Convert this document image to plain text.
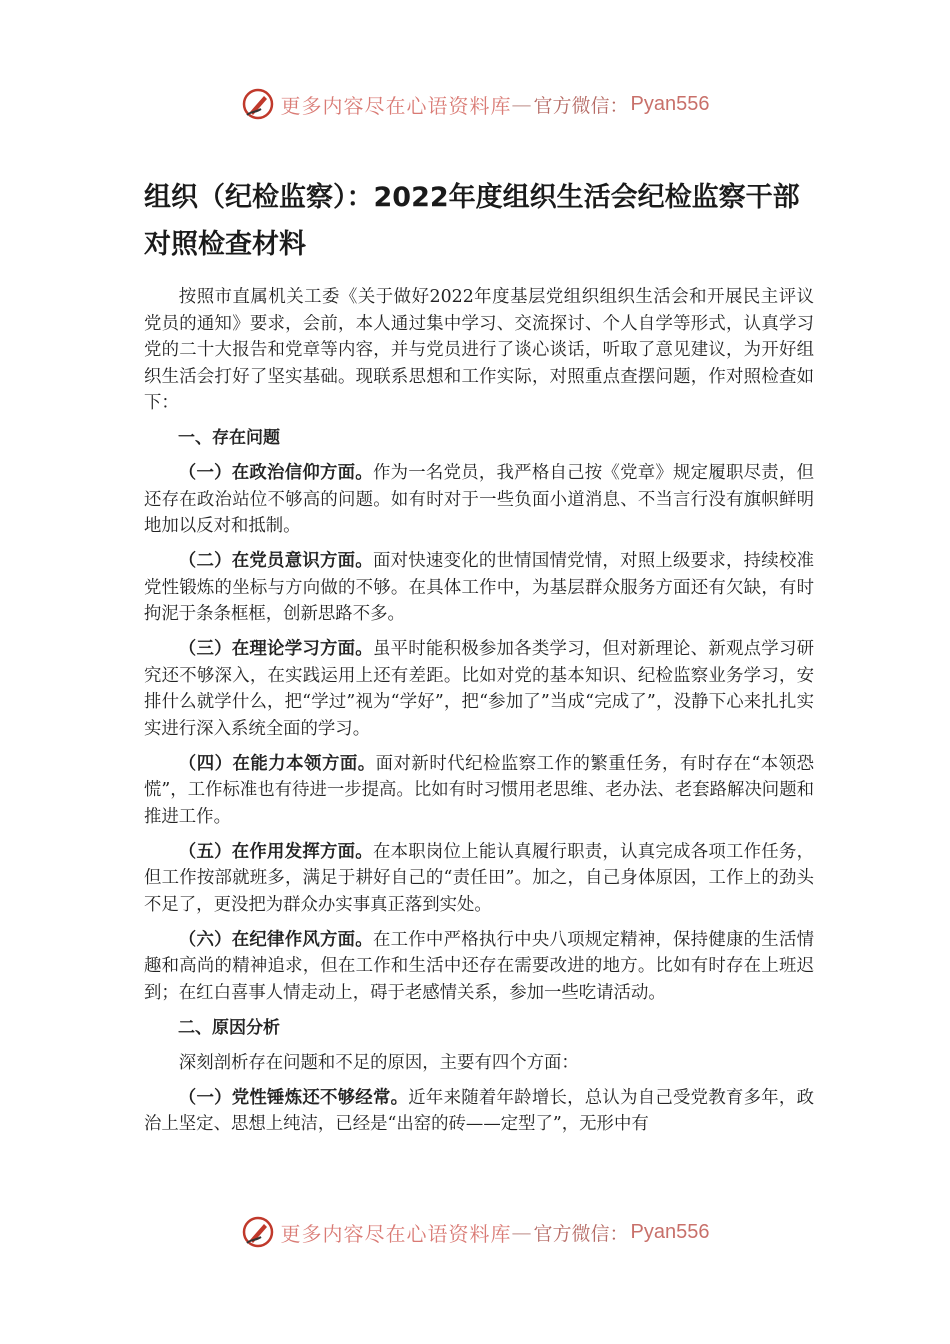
更多内容尽在心语资料库 — 官方微信： Pyan556
组织（纪检监察）：2022年度组织生活会纪检监察干部对照检查材料

按照市直属机关工委《关于做好2022年度基层党组织组织生活会和开展民主评议党员的通知》要求，会前，本人通过集中学习、交流探讨、个人自学等形式，认真学习党的二十大报告和党章等内容，并与党员进行了谈心谈话，听取了意见建议，为开好组织生活会打好了坚实基础。现联系思想和工作实际，对照重点查摆问题，作对照检查如下：

一、存在问题

（一）在政治信仰方面。作为一名党员，我严格自己按《党章》规定履职尽责，但还存在政治站位不够高的问题。如有时对于一些负面小道消息、不当言行没有旗帜鲜明地加以反对和抵制。

（二）在党员意识方面。面对快速变化的世情国情党情，对照上级要求，持续校准党性锻炼的坐标与方向做的不够。在具体工作中，为基层群众服务方面还有欠缺，有时拘泥于条条框框，创新思路不多。

（三）在理论学习方面。虽平时能积极参加各类学习，但对新理论、新观点学习研究还不够深入，在实践运用上还有差距。比如对党的基本知识、纪检监察业务学习，安排什么就学什么，把“学过”视为“学好”，把“参加了”当成“完成了”，没静下心来扎扎实实进行深入系统全面的学习。

（四）在能力本领方面。面对新时代纪检监察工作的繁重任务，有时存在“本领恐慌”，工作标准也有待进一步提高。比如有时习惯用老思维、老办法、老套路解决问题和推进工作。

（五）在作用发挥方面。在本职岗位上能认真履行职责，认真完成各项工作任务，但工作按部就班多，满足于耕好自己的“责任田”。加之，自己身体原因，工作上的劲头不足了，更没把为群众办实事真正落到实处。

（六）在纪律作风方面。在工作中严格执行中央八项规定精神，保持健康的生活情趣和高尚的精神追求，但在工作和生活中还存在需要改进的地方。比如有时存在上班迟到；在红白喜事人情走动上，碍于老感情关系，参加一些吃请活动。

二、原因分析

深刻剖析存在问题和不足的原因，主要有四个方面：

（一）党性锤炼还不够经常。近年来随着年龄增长，总认为自己受党教育多年，政治上坚定、思想上纯洁，已经是“出窑的砖——定型了”，无形中有

更多内容尽在心语资料库 — 官方微信： Pyan556
